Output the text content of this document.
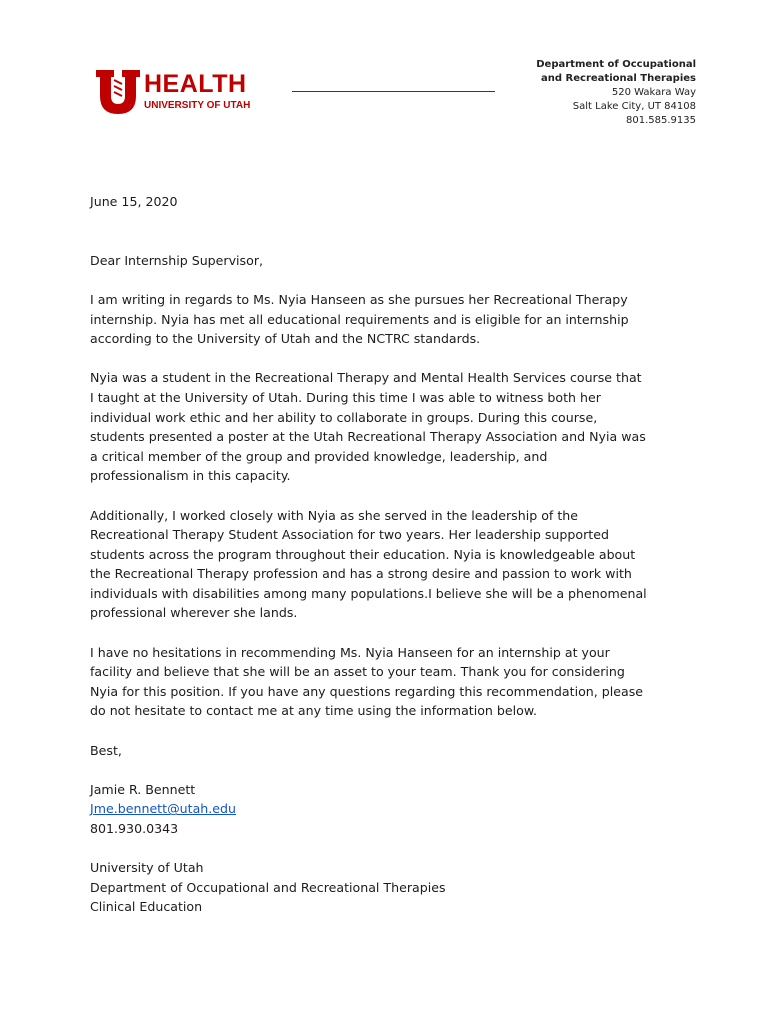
HEALTH
UNIVERSITY OF UTAH
Department of Occupational
and Recreational Therapies
520 Wakara Way
Salt Lake City, UT 84108
801.585.9135

June 15, 2020

Dear Internship Supervisor,

I am writing in regards to Ms. Nyia Hanseen as she pursues her Recreational Therapy

internship. Nyia has met all educational requirements and is eligible for an internship

according to the University of Utah and the NCTRC standards.

Nyia was a student in the Recreational Therapy and Mental Health Services course that

I taught at the University of Utah. During this time I was able to witness both her

individual work ethic and her ability to collaborate in groups. During this course,

students presented a poster at the Utah Recreational Therapy Association and Nyia was

a critical member of the group and provided knowledge, leadership, and

professionalism in this capacity.

Additionally, I worked closely with Nyia as she served in the leadership of the

Recreational Therapy Student Association for two years. Her leadership supported

students across the program throughout their education. Nyia is knowledgeable about

the Recreational Therapy profession and has a strong desire and passion to work with

individuals with disabilities among many populations.I believe she will be a phenomenal

professional wherever she lands.

I have no hesitations in recommending Ms. Nyia Hanseen for an internship at your

facility and believe that she will be an asset to your team. Thank you for considering

Nyia for this position. If you have any questions regarding this recommendation, please

do not hesitate to contact me at any time using the information below.

Best,

Jamie R. Bennett

Jme.bennett@utah.edu

801.930.0343

University of Utah

Department of Occupational and Recreational Therapies

Clinical Education
